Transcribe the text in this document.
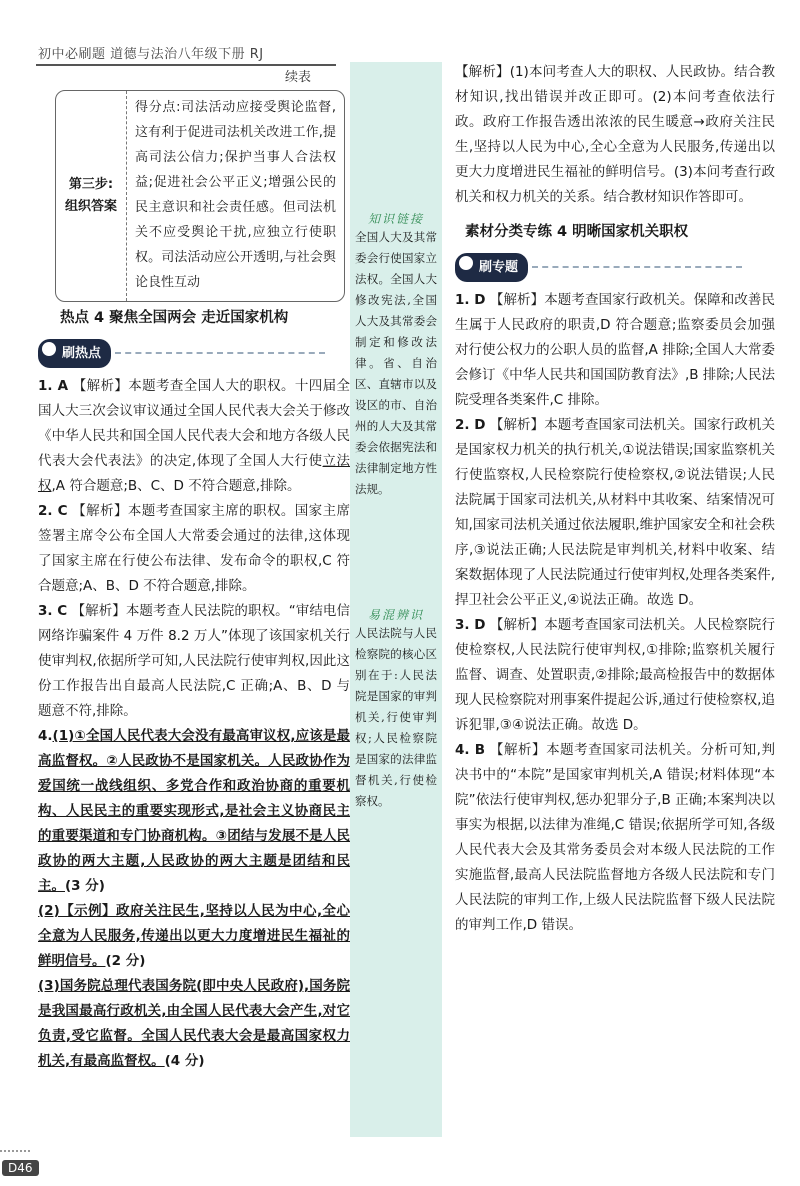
初中必刷题 道德与法治八年级下册 RJ
续表
第三步:
组织答案
得分点:司法活动应接受舆论监督,这有利于促进司法机关改进工作,提高司法公信力;保护当事人合法权益;促进社会公平正义;增强公民的民主意识和社会责任感。但司法机关不应受舆论干扰,应独立行使职权。司法活动应公开透明,与社会舆论良性互动
热点 4 聚焦全国两会 走近国家机构
刷热点

1. A 【解析】本题考查全国人大的职权。十四届全国人大三次会议审议通过全国人民代表大会关于修改《中华人民共和国全国人民代表大会和地方各级人民代表大会代表法》的决定,体现了全国人大行使立法权,A 符合题意;B、C、D 不符合题意,排除。

2. C 【解析】本题考查国家主席的职权。国家主席签署主席令公布全国人大常委会通过的法律,这体现了国家主席在行使公布法律、发布命令的职权,C 符合题意;A、B、D 不符合题意,排除。

3. C 【解析】本题考查人民法院的职权。“审结电信网络诈骗案件 4 万件 8.2 万人”体现了该国家机关行使审判权,依据所学可知,人民法院行使审判权,因此这份工作报告出自最高人民法院,C 正确;A、B、D 与题意不符,排除。

4.(1)①全国人民代表大会没有最高审议权,应该是最高监督权。②人民政协不是国家机关。人民政协作为爱国统一战线组织、多党合作和政治协商的重要机构、人民民主的重要实现形式,是社会主义协商民主的重要渠道和专门协商机构。③团结与发展不是人民政协的两大主题,人民政协的两大主题是团结和民主。(3 分)

(2)【示例】政府关注民生,坚持以人民为中心,全心全意为人民服务,传递出以更大力度增进民生福祉的鲜明信号。(2 分)

(3)国务院总理代表国务院(即中央人民政府),国务院是我国最高行政机关,由全国人民代表大会产生,对它负责,受它监督。全国人民代表大会是最高国家权力机关,有最高监督权。(4 分)

知识链接
全国人大及其常委会行使国家立法权。全国人大修改宪法,全国人大及其常委会制定和修改法律。省、自治区、直辖市以及设区的市、自治州的人大及其常委会依据宪法和法律制定地方性法规。
易混辨识
人民法院与人民检察院的核心区别在于:人民法院是国家的审判机关,行使审判权;人民检察院是国家的法律监督机关,行使检察权。

【解析】(1)本问考查人大的职权、人民政协。结合教材知识,找出错误并改正即可。(2)本问考查依法行政。政府工作报告透出浓浓的民生暖意→政府关注民生,坚持以人民为中心,全心全意为人民服务,传递出以更大力度增进民生福祉的鲜明信号。(3)本问考查行政机关和权力机关的关系。结合教材知识作答即可。

素材分类专练 4 明晰国家机关职权
刷专题

1. D 【解析】本题考查国家行政机关。保障和改善民生属于人民政府的职责,D 符合题意;监察委员会加强对行使公权力的公职人员的监督,A 排除;全国人大常委会修订《中华人民共和国国防教育法》,B 排除;人民法院受理各类案件,C 排除。

2. D 【解析】本题考查国家司法机关。国家行政机关是国家权力机关的执行机关,①说法错误;国家监察机关行使监察权,人民检察院行使检察权,②说法错误;人民法院属于国家司法机关,从材料中其收案、结案情况可知,国家司法机关通过依法履职,维护国家安全和社会秩序,③说法正确;人民法院是审判机关,材料中收案、结案数据体现了人民法院通过行使审判权,处理各类案件,捍卫社会公平正义,④说法正确。故选 D。

3. D 【解析】本题考查国家司法机关。人民检察院行使检察权,人民法院行使审判权,①排除;监察机关履行监督、调查、处置职责,②排除;最高检报告中的数据体现人民检察院对刑事案件提起公诉,通过行使检察权,追诉犯罪,③④说法正确。故选 D。

4. B 【解析】本题考查国家司法机关。分析可知,判决书中的“本院”是国家审判机关,A 错误;材料体现“本院”依法行使审判权,惩办犯罪分子,B 正确;本案判决以事实为根据,以法律为准绳,C 错误;依据所学可知,各级人民代表大会及其常务委员会对本级人民法院的工作实施监督,最高人民法院监督地方各级人民法院和专门人民法院的审判工作,上级人民法院监督下级人民法院的审判工作,D 错误。

D46
